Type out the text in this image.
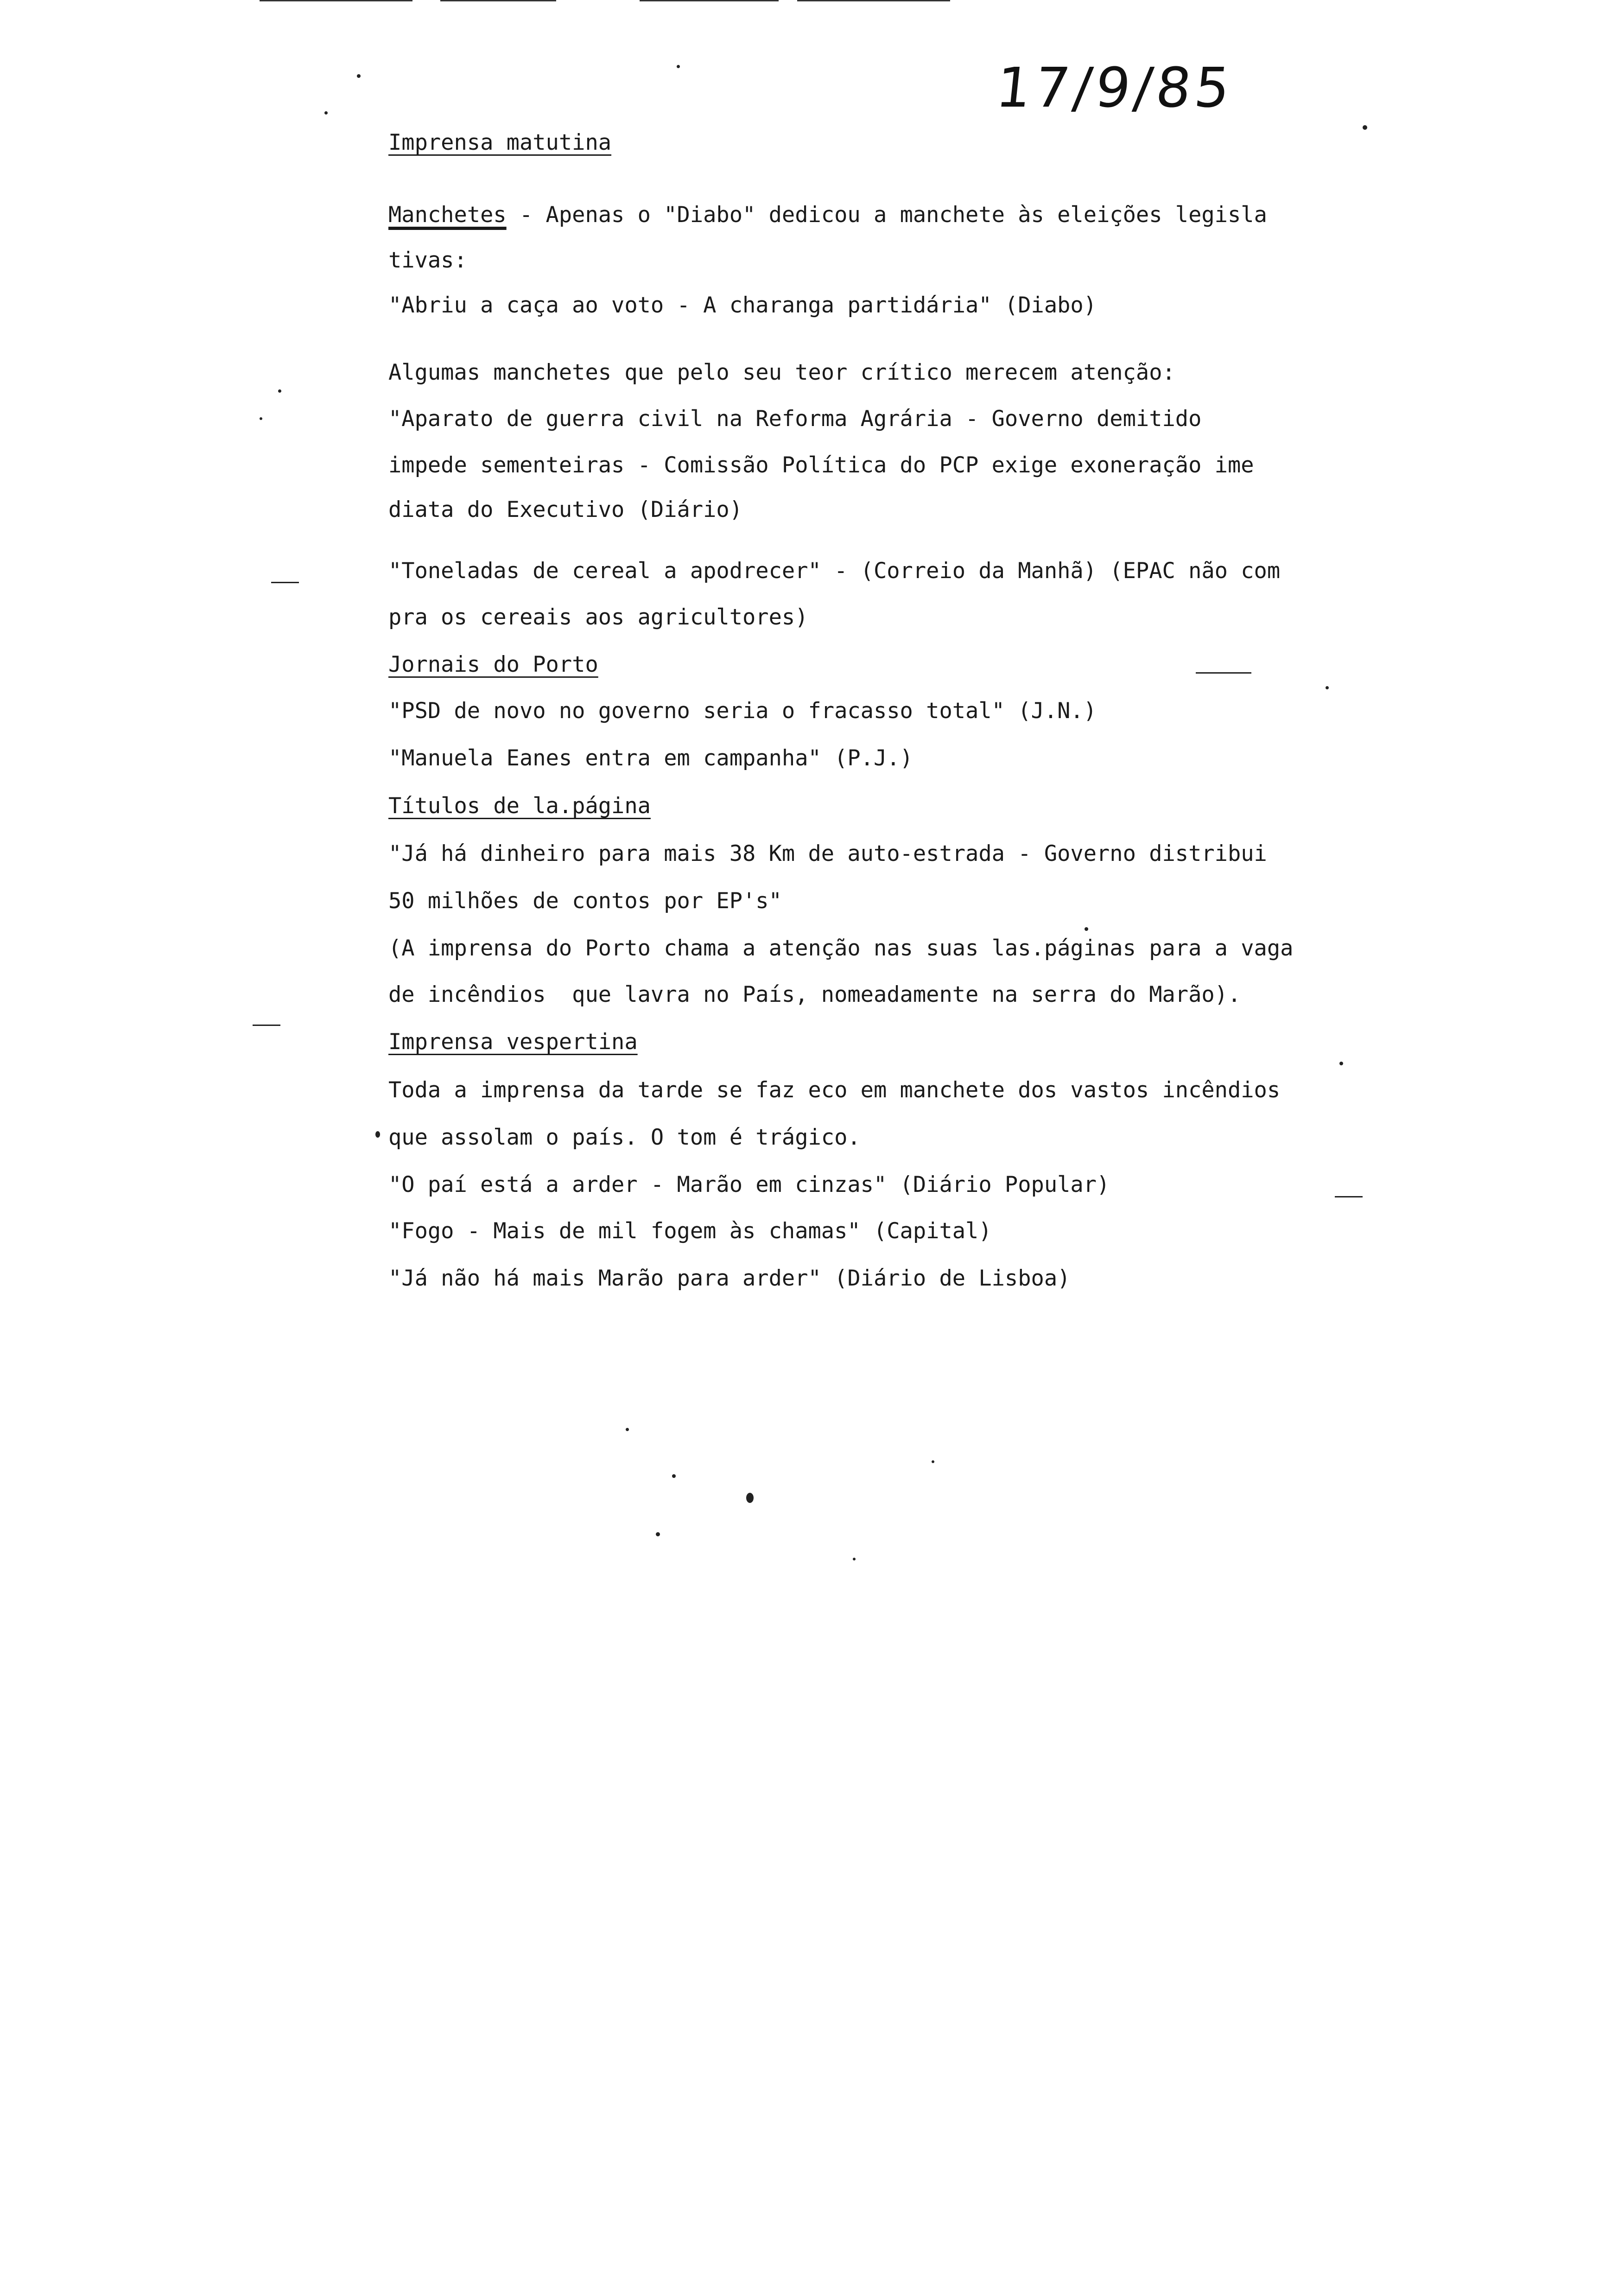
17/9/85
Imprensa matutina
Manchetes - Apenas o "Diabo" dedicou a manchete às eleições legisla
tivas:
"Abriu a caça ao voto - A charanga partidária" (Diabo)
Algumas manchetes que pelo seu teor crítico merecem atenção:
"Aparato de guerra civil na Reforma Agrária - Governo demitido
impede sementeiras - Comissão Política do PCP exige exoneração ime
diata do Executivo (Diário)
"Toneladas de cereal a apodrecer" - (Correio da Manhã) (EPAC não com
pra os cereais aos agricultores)
Jornais do Porto
"PSD de novo no governo seria o fracasso total" (J.N.)
"Manuela Eanes entra em campanha" (P.J.)
Títulos de la.página
"Já há dinheiro para mais 38 Km de auto-estrada - Governo distribui
50 milhões de contos por EP's"
(A imprensa do Porto chama a atenção nas suas las.páginas para a vaga
de incêndios  que lavra no País, nomeadamente na serra do Marão).
Imprensa vespertina
Toda a imprensa da tarde se faz eco em manchete dos vastos incêndios
que assolam o país. O tom é trágico.
"O paí está a arder - Marão em cinzas" (Diário Popular)
"Fogo - Mais de mil fogem às chamas" (Capital)
"Já não há mais Marão para arder" (Diário de Lisboa)
